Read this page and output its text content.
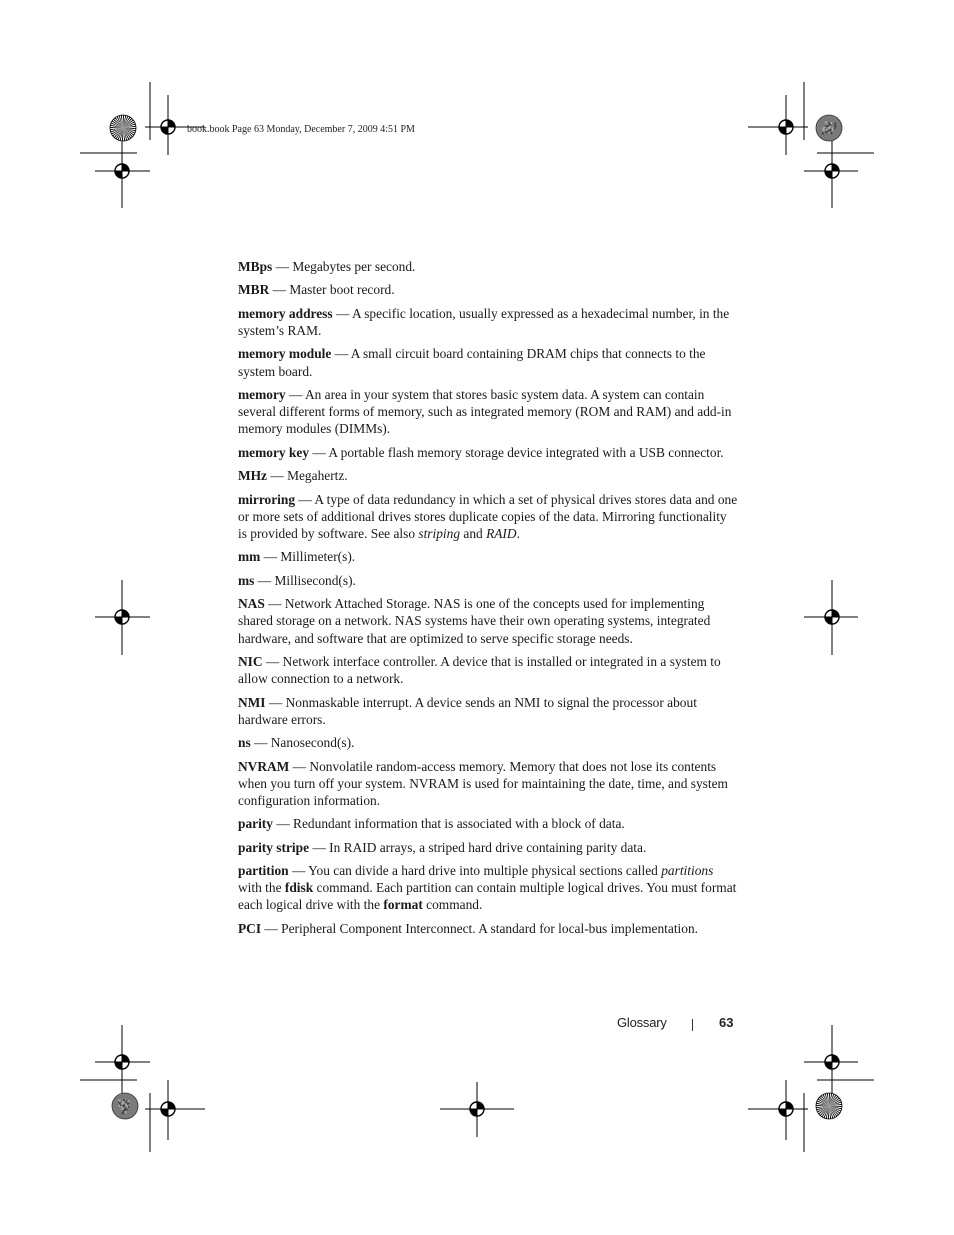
book.book Page 63 Monday, December 7, 2009 4:51 PM

MBps — Megabytes per second.

MBR — Master boot record.

memory address — A specific location, usually expressed as a hexadecimal number, in the system’s RAM.

memory module — A small circuit board containing DRAM chips that connects to the system board.

memory — An area in your system that stores basic system data. A system can contain several different forms of memory, such as integrated memory (ROM and RAM) and add-in memory modules (DIMMs).

memory key — A portable flash memory storage device integrated with a USB connector.

MHz — Megahertz.

mirroring — A type of data redundancy in which a set of physical drives stores data and one or more sets of additional drives stores duplicate copies of the data. Mirroring functionality is provided by software. See also striping and RAID.

mm — Millimeter(s).

ms — Millisecond(s).

NAS — Network Attached Storage. NAS is one of the concepts used for implementing shared storage on a network. NAS systems have their own operating systems, integrated hardware, and software that are optimized to serve specific storage needs.

NIC — Network interface controller. A device that is installed or integrated in a system to allow connection to a network.

NMI — Nonmaskable interrupt. A device sends an NMI to signal the processor about hardware errors.

ns — Nanosecond(s).

NVRAM — Nonvolatile random-access memory. Memory that does not lose its contents when you turn off your system. NVRAM is used for maintaining the date, time, and system configuration information.

parity — Redundant information that is associated with a block of data.

parity stripe — In RAID arrays, a striped hard drive containing parity data.

partition — You can divide a hard drive into multiple physical sections called partitions with the fdisk command. Each partition can contain multiple logical drives. You must format each logical drive with the format command.

PCI — Peripheral Component Interconnect. A standard for local-bus implementation.

Glossary	63
